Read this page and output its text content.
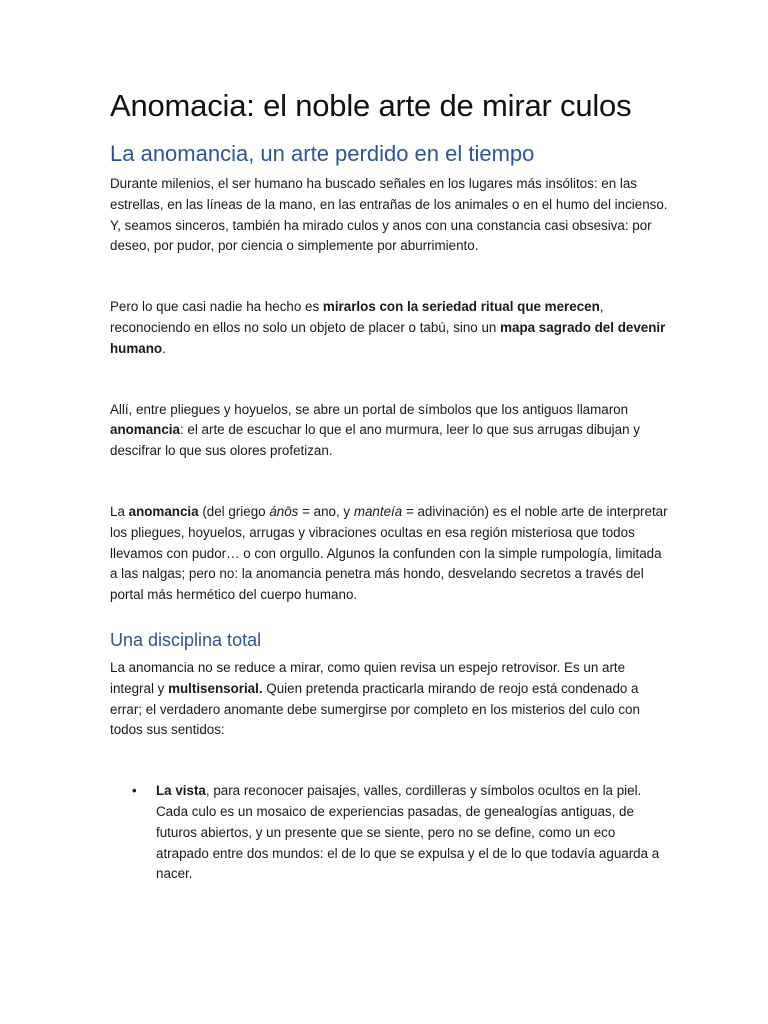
Anomacia: el noble arte de mirar culos
La anomancia, un arte perdido en el tiempo

Durante milenios, el ser humano ha buscado señales en los lugares más insólitos: en las estrellas, en las líneas de la mano, en las entrañas de los animales o en el humo del incienso. Y, seamos sinceros, también ha mirado culos y anos con una constancia casi obsesiva: por deseo, por pudor, por ciencia o simplemente por aburrimiento.

Pero lo que casi nadie ha hecho es mirarlos con la seriedad ritual que merecen, reconociendo en ellos no solo un objeto de placer o tabú, sino un mapa sagrado del devenir humano.

Allí, entre pliegues y hoyuelos, se abre un portal de símbolos que los antiguos llamaron anomancia: el arte de escuchar lo que el ano murmura, leer lo que sus arrugas dibujan y descifrar lo que sus olores profetizan.

La anomancia (del griego ánōs = ano, y manteía = adivinación) es el noble arte de interpretar los pliegues, hoyuelos, arrugas y vibraciones ocultas en esa región misteriosa que todos llevamos con pudor… o con orgullo. Algunos la confunden con la simple rumpología, limitada a las nalgas; pero no: la anomancia penetra más hondo, desvelando secretos a través del portal más hermético del cuerpo humano.

Una disciplina total

La anomancia no se reduce a mirar, como quien revisa un espejo retrovisor. Es un arte integral y multisensorial. Quien pretenda practicarla mirando de reojo está condenado a errar; el verdadero anomante debe sumergirse por completo en los misterios del culo con todos sus sentidos:

• La vista, para reconocer paisajes, valles, cordilleras y símbolos ocultos en la piel. Cada culo es un mosaico de experiencias pasadas, de genealogías antiguas, de futuros abiertos, y un presente que se siente, pero no se define, como un eco atrapado entre dos mundos: el de lo que se expulsa y el de lo que todavía aguarda a nacer.
